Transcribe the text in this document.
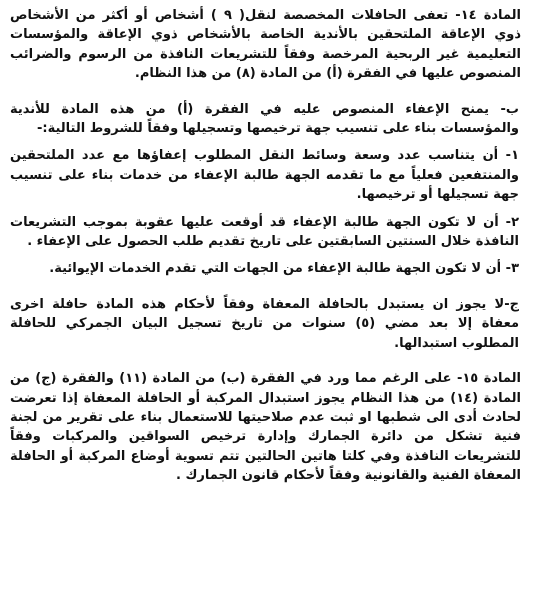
المادة ١٤- تعفى الحافلات المخصصة لنقل( ٩ ) أشخاص أو أكثر من الأشخاص ذوي الإعاقة الملتحقين بالأندية الخاصة بالأشخاص ذوي الإعاقة والمؤسسات التعليمية غير الربحية المرخصة وفقاً للتشريعات النافذة من الرسوم والضرائب المنصوص عليها في الفقرة (أ) من المادة (٨) من هذا النظام.

ب- يمنح الإعفاء المنصوص عليه في الفقرة (أ) من هذه المادة للأندية والمؤسسات بناء على تنسيب جهة ترخيصها وتسجيلها وفقاً للشروط التالية:-

١- أن يتناسب عدد وسعة وسائط النقل المطلوب إعفاؤها مع عدد الملتحقين والمنتفعين فعلياً مع ما تقدمه الجهة طالبة الإعفاء من خدمات بناء على تنسيب جهة تسجيلها أو ترخيصها.

٢- أن لا تكون الجهة طالبة الإعفاء قد أوقعت عليها عقوبة بموجب التشريعات النافذة خلال السنتين السابقتين على تاريخ تقديم طلب الحصول على الإعفاء .

٣- أن لا تكون الجهة طالبة الإعفاء من الجهات التي تقدم الخدمات الإيوائية.

ج-لا يجوز ان يستبدل بالحافلة المعفاة وفقاً لأحكام هذه المادة حافلة اخرى معفاة إلا بعد مضي (٥) سنوات من تاريخ تسجيل البيان الجمركي للحافلة المطلوب استبدالها.

المادة ١٥- على الرغم مما ورد في الفقرة (ب) من المادة (١١) والفقرة (ج) من المادة (١٤) من هذا النظام يجوز استبدال المركبة أو الحافلة المعفاة إذا تعرضت لحادث أدى الى شطبها او ثبت عدم صلاحيتها للاستعمال بناء على تقرير من لجنة فنية تشكل من دائرة الجمارك وإدارة ترخيص السواقين والمركبات وفقاً للتشريعات النافذة وفي كلتا هاتين الحالتين تتم تسوية أوضاع المركبة أو الحافلة المعفاة الفنية والقانونية وفقاً لأحكام قانون الجمارك .
